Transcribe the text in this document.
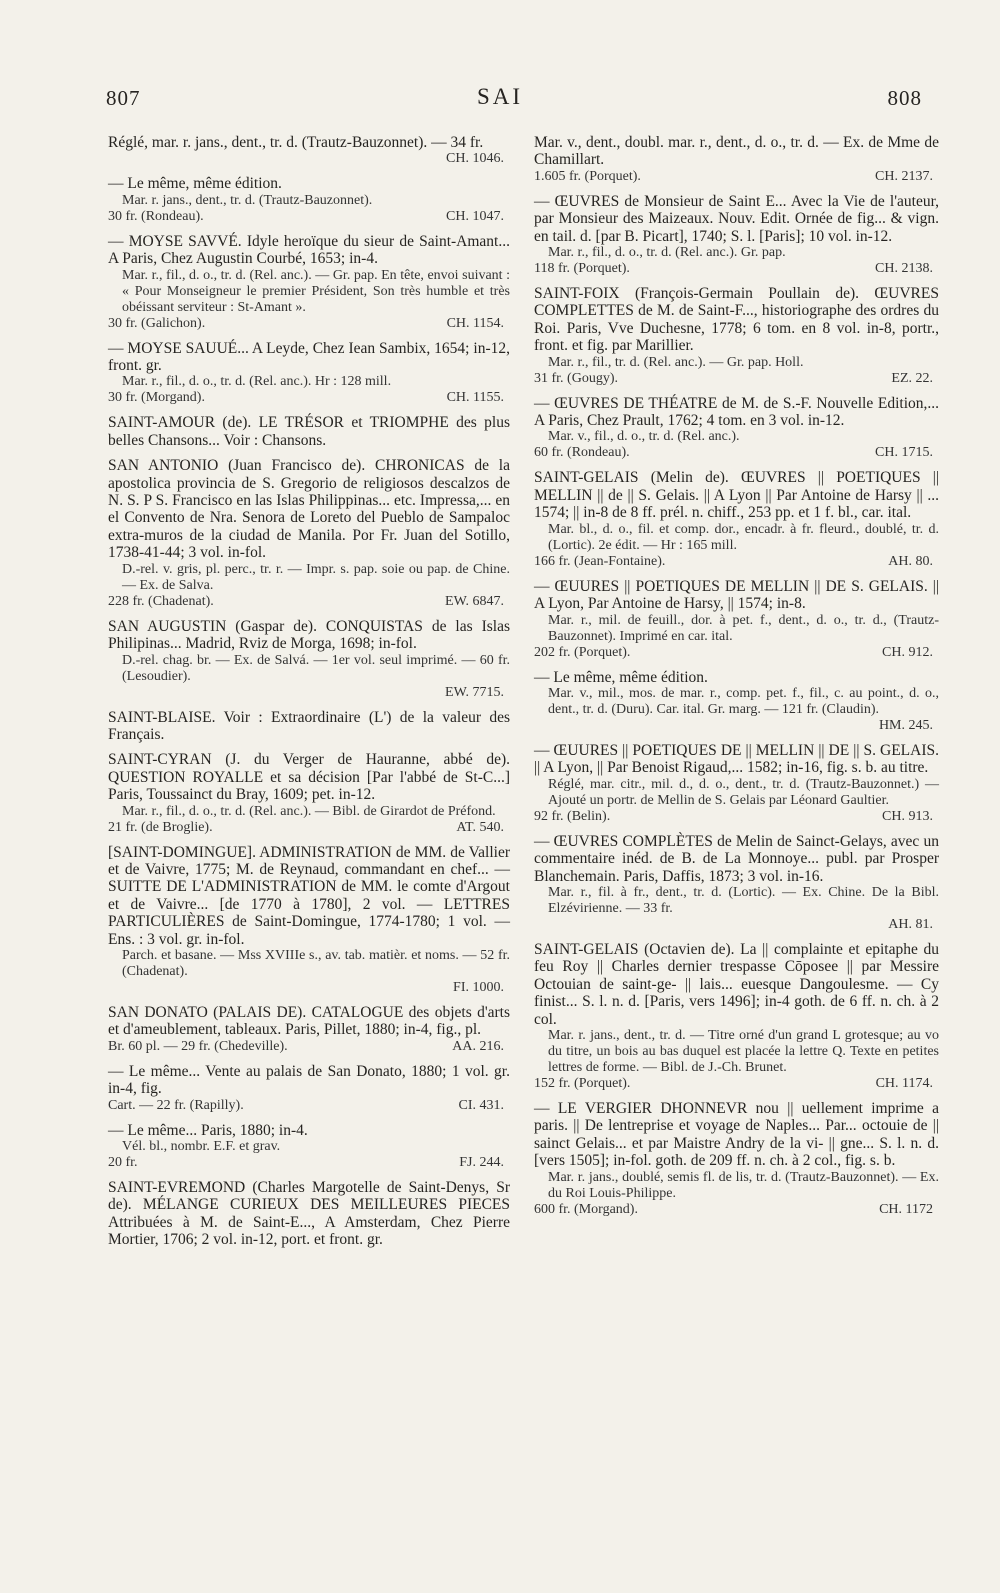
807	SAI	808

Réglé, mar. r. jans., dent., tr. d. (Trautz-Bauzonnet). — 34 fr.

CH. 1046.

— Le même, même édition.

Mar. r. jans., dent., tr. d. (Trautz-Bauzonnet).

30 fr. (Rondeau).	CH. 1047.

— MOYSE SAVVÉ. Idyle heroïque du sieur de Saint-Amant... A Paris, Chez Augustin Courbé, 1653; in-4.

Mar. r., fil., d. o., tr. d. (Rel. anc.). — Gr. pap. En tête, envoi suivant : « Pour Monseigneur le premier Président, Son très humble et très obéissant serviteur : St-Amant ».

30 fr. (Galichon).	CH. 1154.

— MOYSE SAUUÉ... A Leyde, Chez Iean Sambix, 1654; in-12, front. gr.

Mar. r., fil., d. o., tr. d. (Rel. anc.). Hr : 128 mill.

30 fr. (Morgand).	CH. 1155.

SAINT-AMOUR (de). LE TRÉSOR et TRIOMPHE des plus belles Chansons... Voir : Chansons.

SAN ANTONIO (Juan Francisco de). CHRONICAS de la apostolica provincia de S. Gregorio de religiosos descalzos de N. S. P S. Francisco en las Islas Philippinas... etc. Impressa,... en el Convento de Nra. Senora de Loreto del Pueblo de Sampaloc extra-muros de la ciudad de Manila. Por Fr. Juan del Sotillo, 1738-41-44; 3 vol. in-fol.

D.-rel. v. gris, pl. perc., tr. r. — Impr. s. pap. soie ou pap. de Chine. — Ex. de Salva.

228 fr. (Chadenat).	EW. 6847.

SAN AUGUSTIN (Gaspar de). CONQUISTAS de las Islas Philipinas... Madrid, Rviz de Morga, 1698; in-fol.

D.-rel. chag. br. — Ex. de Salvá. — 1er vol. seul imprimé. — 60 fr. (Lesoudier).

EW. 7715.

SAINT-BLAISE. Voir : Extraordinaire (L') de la valeur des Français.

SAINT-CYRAN (J. du Verger de Hauranne, abbé de). QUESTION ROYALLE et sa décision [Par l'abbé de St-C...] Paris, Toussainct du Bray, 1609; pet. in-12.

Mar. r., fil., d. o., tr. d. (Rel. anc.). — Bibl. de Girardot de Préfond.

21 fr. (de Broglie).	AT. 540.

[SAINT-DOMINGUE]. ADMINISTRATION de MM. de Vallier et de Vaivre, 1775; M. de Reynaud, commandant en chef... — SUITTE DE L'ADMINISTRATION de MM. le comte d'Argout et de Vaivre... [de 1770 à 1780], 2 vol. — LETTRES PARTICULIÈRES de Saint-Domingue, 1774-1780; 1 vol. — Ens. : 3 vol. gr. in-fol.

Parch. et basane. — Mss XVIIIe s., av. tab. matièr. et noms. — 52 fr. (Chadenat).

FI. 1000.

SAN DONATO (PALAIS DE). CATALOGUE des objets d'arts et d'ameublement, tableaux. Paris, Pillet, 1880; in-4, fig., pl.

Br. 60 pl. — 29 fr. (Chedeville).	AA. 216.

— Le même... Vente au palais de San Donato, 1880; 1 vol. gr. in-4, fig.

Cart. — 22 fr. (Rapilly).	CI. 431.

— Le même... Paris, 1880; in-4.

Vél. bl., nombr. E.F. et grav.

20 fr.	FJ. 244.

SAINT-EVREMOND (Charles Margotelle de Saint-Denys, Sr de). MÉLANGE CURIEUX DES MEILLEURES PIECES Attribuées à M. de Saint-E..., A Amsterdam, Chez Pierre Mortier, 1706; 2 vol. in-12, port. et front. gr.

Mar. v., dent., doubl. mar. r., dent., d. o., tr. d. — Ex. de Mme de Chamillart.

1.605 fr. (Porquet).	CH. 2137.

— ŒUVRES de Monsieur de Saint E... Avec la Vie de l'auteur, par Monsieur des Maizeaux. Nouv. Edit. Ornée de fig... & vign. en tail. d. [par B. Picart], 1740; S. l. [Paris]; 10 vol. in-12.

Mar. r., fil., d. o., tr. d. (Rel. anc.). Gr. pap.

118 fr. (Porquet).	CH. 2138.

SAINT-FOIX (François-Germain Poullain de). ŒUVRES COMPLETTES de M. de Saint-F..., historiographe des ordres du Roi. Paris, Vve Duchesne, 1778; 6 tom. en 8 vol. in-8, portr., front. et fig. par Marillier.

Mar. r., fil., tr. d. (Rel. anc.). — Gr. pap. Holl.

31 fr. (Gougy).	EZ. 22.

— ŒUVRES DE THÉATRE de M. de S.-F. Nouvelle Edition,... A Paris, Chez Prault, 1762; 4 tom. en 3 vol. in-12.

Mar. v., fil., d. o., tr. d. (Rel. anc.).

60 fr. (Rondeau).	CH. 1715.

SAINT-GELAIS (Melin de). ŒUVRES || POETIQUES || MELLIN || de || S. Gelais. || A Lyon || Par Antoine de Harsy || ... 1574; || in-8 de 8 ff. prél. n. chiff., 253 pp. et 1 f. bl., car. ital.

Mar. bl., d. o., fil. et comp. dor., encadr. à fr. fleurd., doublé, tr. d. (Lortic). 2e édit. — Hr : 165 mill.

166 fr. (Jean-Fontaine).	AH. 80.

— ŒUURES || POETIQUES DE MELLIN || DE S. GELAIS. || A Lyon, Par Antoine de Harsy, || 1574; in-8.

Mar. r., mil. de feuill., dor. à pet. f., dent., d. o., tr. d., (Trautz-Bauzonnet). Imprimé en car. ital.

202 fr. (Porquet).	CH. 912.

— Le même, même édition.

Mar. v., mil., mos. de mar. r., comp. pet. f., fil., c. au point., d. o., dent., tr. d. (Duru). Car. ital. Gr. marg. — 121 fr. (Claudin).

HM. 245.

— ŒUURES || POETIQUES DE || MELLIN || DE || S. GELAIS. || A Lyon, || Par Benoist Rigaud,... 1582; in-16, fig. s. b. au titre.

Réglé, mar. citr., mil. d., d. o., dent., tr. d. (Trautz-Bauzonnet.) — Ajouté un portr. de Mellin de S. Gelais par Léonard Gaultier.

92 fr. (Belin).	CH. 913.

— ŒUVRES COMPLÈTES de Melin de Sainct-Gelays, avec un commentaire inéd. de B. de La Monnoye... publ. par Prosper Blanchemain. Paris, Daffis, 1873; 3 vol. in-16.

Mar. r., fil. à fr., dent., tr. d. (Lortic). — Ex. Chine. De la Bibl. Elzévirienne. — 33 fr.

AH. 81.

SAINT-GELAIS (Octavien de). La || complainte et epitaphe du feu Roy || Charles dernier trespasse Cōposee || par Messire Octouian de saint-ge- || lais... euesque Dangoulesme. — Cy finist... S. l. n. d. [Paris, vers 1496]; in-4 goth. de 6 ff. n. ch. à 2 col.

Mar. r. jans., dent., tr. d. — Titre orné d'un grand L grotesque; au vo du titre, un bois au bas duquel est placée la lettre Q. Texte en petites lettres de forme. — Bibl. de J.-Ch. Brunet.

152 fr. (Porquet).	CH. 1174.

— LE VERGIER DHONNEVR nou || uellement imprime a paris. || De lentreprise et voyage de Naples... Par... octouie de || sainct Gelais... et par Maistre Andry de la vi- || gne... S. l. n. d. [vers 1505]; in-fol. goth. de 209 ff. n. ch. à 2 col., fig. s. b.

Mar. r. jans., doublé, semis fl. de lis, tr. d. (Trautz-Bauzonnet). — Ex. du Roi Louis-Philippe.

600 fr. (Morgand).	CH. 1172
